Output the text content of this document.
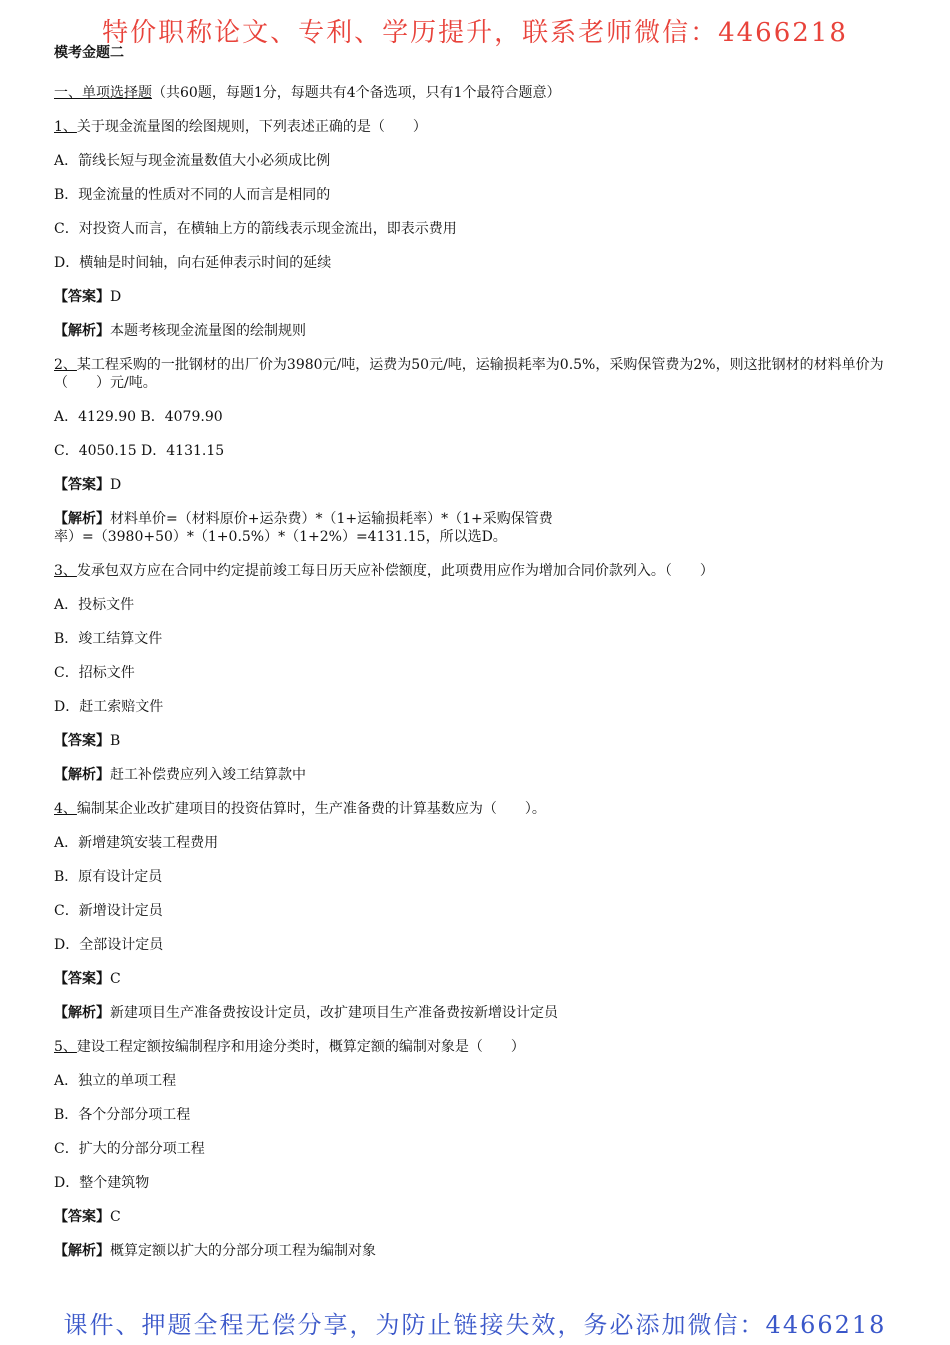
特价职称论文、专利、学历提升，联系老师微信：4466218

模考金题二

一、单项选择题（共60题，每题1分，每题共有4个备选项，只有1个最符合题意）

1、关于现金流量图的绘图规则，下列表述正确的是（　　）

A．箭线长短与现金流量数值大小必须成比例

B．现金流量的性质对不同的人而言是相同的

C．对投资人而言，在横轴上方的箭线表示现金流出，即表示费用

D．横轴是时间轴，向右延伸表示时间的延续

【答案】D

【解析】本题考核现金流量图的绘制规则

2、某工程采购的一批钢材的出厂价为3980元/吨，运费为50元/吨，运输损耗率为0.5%，采购保管费为2%，则这批钢材的材料单价为（　　）元/吨。

A．4129.90 B．4079.90

C．4050.15 D．4131.15

【答案】D

【解析】材料单价=（材料原价+运杂费）*（1+运输损耗率）*（1+采购保管费

率）=（3980+50）*（1+0.5%）*（1+2%）=4131.15，所以选D。

3、发承包双方应在合同中约定提前竣工每日历天应补偿额度，此项费用应作为增加合同价款列入。（　　）

A．投标文件

B．竣工结算文件

C．招标文件

D．赶工索赔文件

【答案】B

【解析】赶工补偿费应列入竣工结算款中

4、编制某企业改扩建项目的投资估算时，生产准备费的计算基数应为（　　）。

A．新增建筑安装工程费用

B．原有设计定员

C．新增设计定员

D．全部设计定员

【答案】C

【解析】新建项目生产准备费按设计定员，改扩建项目生产准备费按新增设计定员

5、建设工程定额按编制程序和用途分类时，概算定额的编制对象是（　　）

A．独立的单项工程

B．各个分部分项工程

C．扩大的分部分项工程

D．整个建筑物

【答案】C

【解析】概算定额以扩大的分部分项工程为编制对象

课件、押题全程无偿分享，为防止链接失效，务必添加微信：4466218
